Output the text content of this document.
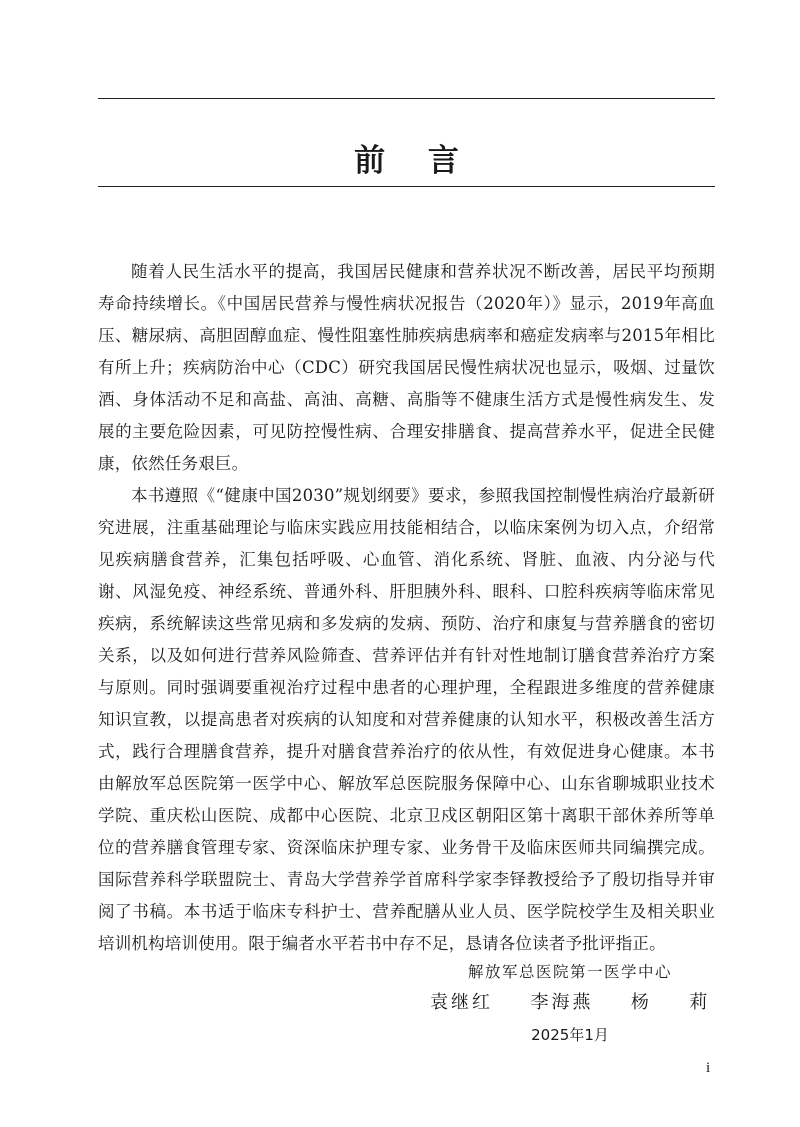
前 言

随着人民生活水平的提高，我国居民健康和营养状况不断改善，居民平均预期寿命持续增长。《中国居民营养与慢性病状况报告（2020年）》显示，2019年高血压、糖尿病、高胆固醇血症、慢性阻塞性肺疾病患病率和癌症发病率与2015年相比有所上升；疾病防治中心（CDC）研究我国居民慢性病状况也显示，吸烟、过量饮酒、身体活动不足和高盐、高油、高糖、高脂等不健康生活方式是慢性病发生、发展的主要危险因素，可见防控慢性病、合理安排膳食、提高营养水平，促进全民健康，依然任务艰巨。

本书遵照《“健康中国2030”规划纲要》要求，参照我国控制慢性病治疗最新研究进展，注重基础理论与临床实践应用技能相结合，以临床案例为切入点，介绍常见疾病膳食营养，汇集包括呼吸、心血管、消化系统、肾脏、血液、内分泌与代谢、风湿免疫、神经系统、普通外科、肝胆胰外科、眼科、口腔科疾病等临床常见疾病，系统解读这些常见病和多发病的发病、预防、治疗和康复与营养膳食的密切关系，以及如何进行营养风险筛查、营养评估并有针对性地制订膳食营养治疗方案与原则。同时强调要重视治疗过程中患者的心理护理，全程跟进多维度的营养健康知识宣教，以提高患者对疾病的认知度和对营养健康的认知水平，积极改善生活方式，践行合理膳食营养，提升对膳食营养治疗的依从性，有效促进身心健康。本书由解放军总医院第一医学中心、解放军总医院服务保障中心、山东省聊城职业技术学院、重庆松山医院、成都中心医院、北京卫戍区朝阳区第十离职干部休养所等单位的营养膳食管理专家、资深临床护理专家、业务骨干及临床医师共同编撰完成。国际营养科学联盟院士、青岛大学营养学首席科学家李铎教授给予了殷切指导并审阅了书稿。本书适于临床专科护士、营养配膳从业人员、医学院校学生及相关职业培训机构培训使用。限于编者水平若书中存不足，恳请各位读者予批评指正。

解放军总医院第一医学中心
袁继红  李海燕  杨  莉
2025年1月
i
